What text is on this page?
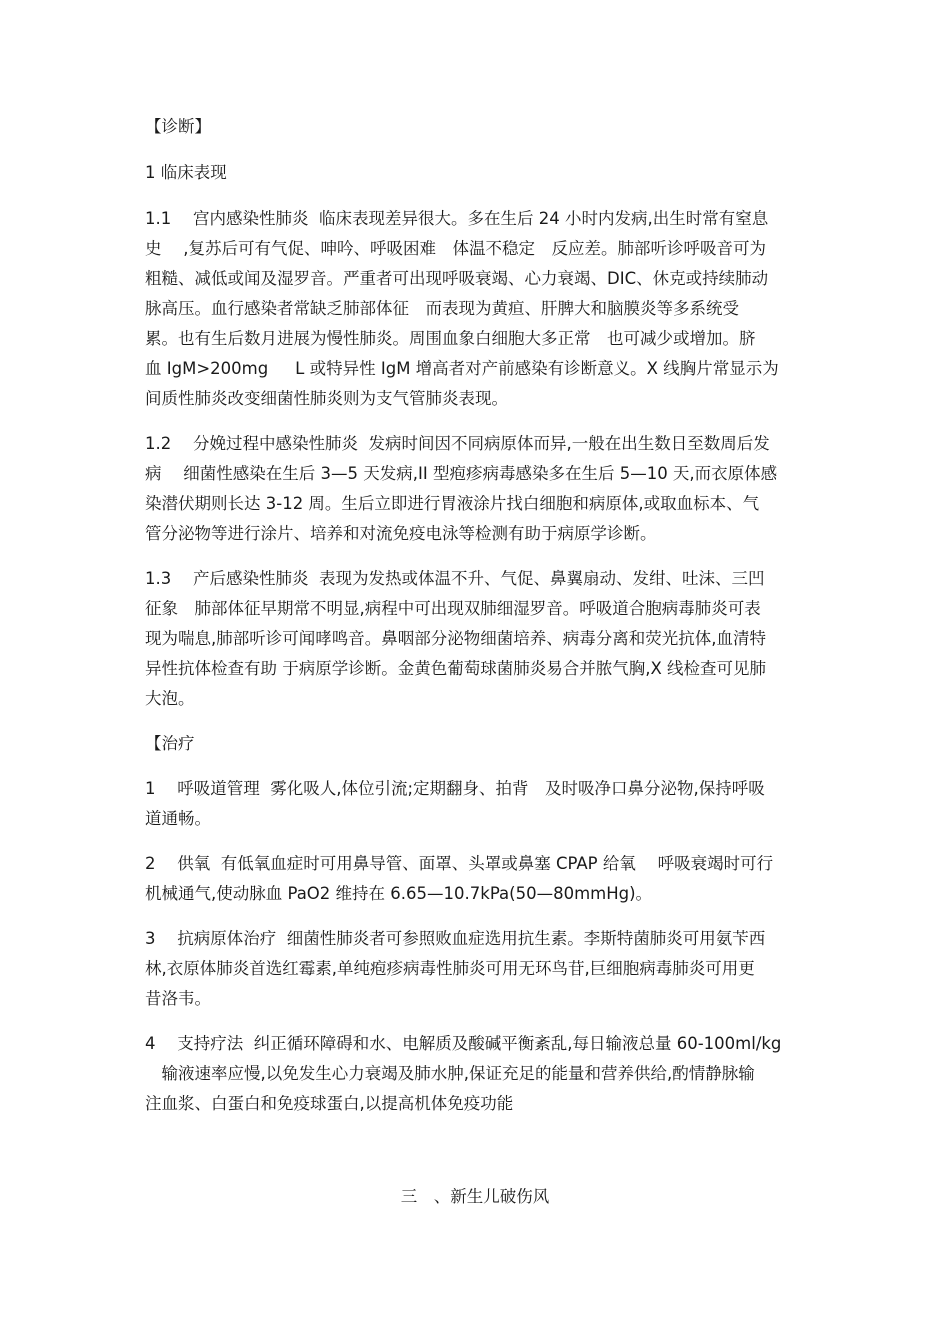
【诊断】
1 临床表现
1.1　 宫内感染性肺炎  临床表现差异很大。多在生后 24 小时内发病,出生时常有窒息
史　 ,复苏后可有气促、呻吟、呼吸困难　体温不稳定　反应差。肺部听诊呼吸音可为
粗糙、减低或闻及湿罗音。严重者可出现呼吸衰竭、心力衰竭、DIC、休克或持续肺动
脉高压。血行感染者常缺乏肺部体征　而表现为黄疸、肝脾大和脑膜炎等多系统受
累。也有生后数月进展为慢性肺炎。周围血象白细胞大多正常　也可减少或增加。脐
血 IgM>200mg　  L 或特异性 IgM 增高者对产前感染有诊断意义。X 线胸片常显示为
间质性肺炎改变细菌性肺炎则为支气管肺炎表现。
1.2　 分娩过程中感染性肺炎  发病时间因不同病原体而异,一般在出生数日至数周后发
病　 细菌性感染在生后 3—5 天发病,II 型疱疹病毒感染多在生后 5—10 天,而衣原体感
染潜伏期则长达 3-12 周。生后立即进行胃液涂片找白细胞和病原体,或取血标本、气
管分泌物等进行涂片、培养和对流免疫电泳等检测有助于病原学诊断。
1.3　 产后感染性肺炎  表现为发热或体温不升、气促、鼻翼扇动、发绀、吐沫、三凹
征象　肺部体征早期常不明显,病程中可出现双肺细湿罗音。呼吸道合胞病毒肺炎可表
现为喘息,肺部听诊可闻哮鸣音。鼻咽部分泌物细菌培养、病毒分离和荧光抗体,血清特
异性抗体检查有助 于病原学诊断。金黄色葡萄球菌肺炎易合并脓气胸,X 线检查可见肺
大泡。
【治疗
1　 呼吸道管理  雾化吸人,体位引流;定期翻身、拍背　及时吸净口鼻分泌物,保持呼吸
道通畅。
2　 供氧  有低氧血症时可用鼻导管、面罩、头罩或鼻塞 CPAP 给氧　 呼吸衰竭时可行
机械通气,使动脉血 PaO2 维持在 6.65—10.7kPa(50—80mmHg)。
3　 抗病原体治疗  细菌性肺炎者可参照败血症选用抗生素。李斯特菌肺炎可用氨苄西
林,衣原体肺炎首选红霉素,单纯疱疹病毒性肺炎可用无环鸟苷,巨细胞病毒肺炎可用更
昔洛韦。
4　 支持疗法  纠正循环障碍和水、电解质及酸碱平衡紊乱,每日输液总量 60-100ml/kg
　输液速率应慢,以免发生心力衰竭及肺水肿,保证充足的能量和营养供给,酌情静脉输
注血浆、白蛋白和免疫球蛋白,以提高机体免疫功能
三　、新生儿破伤风
